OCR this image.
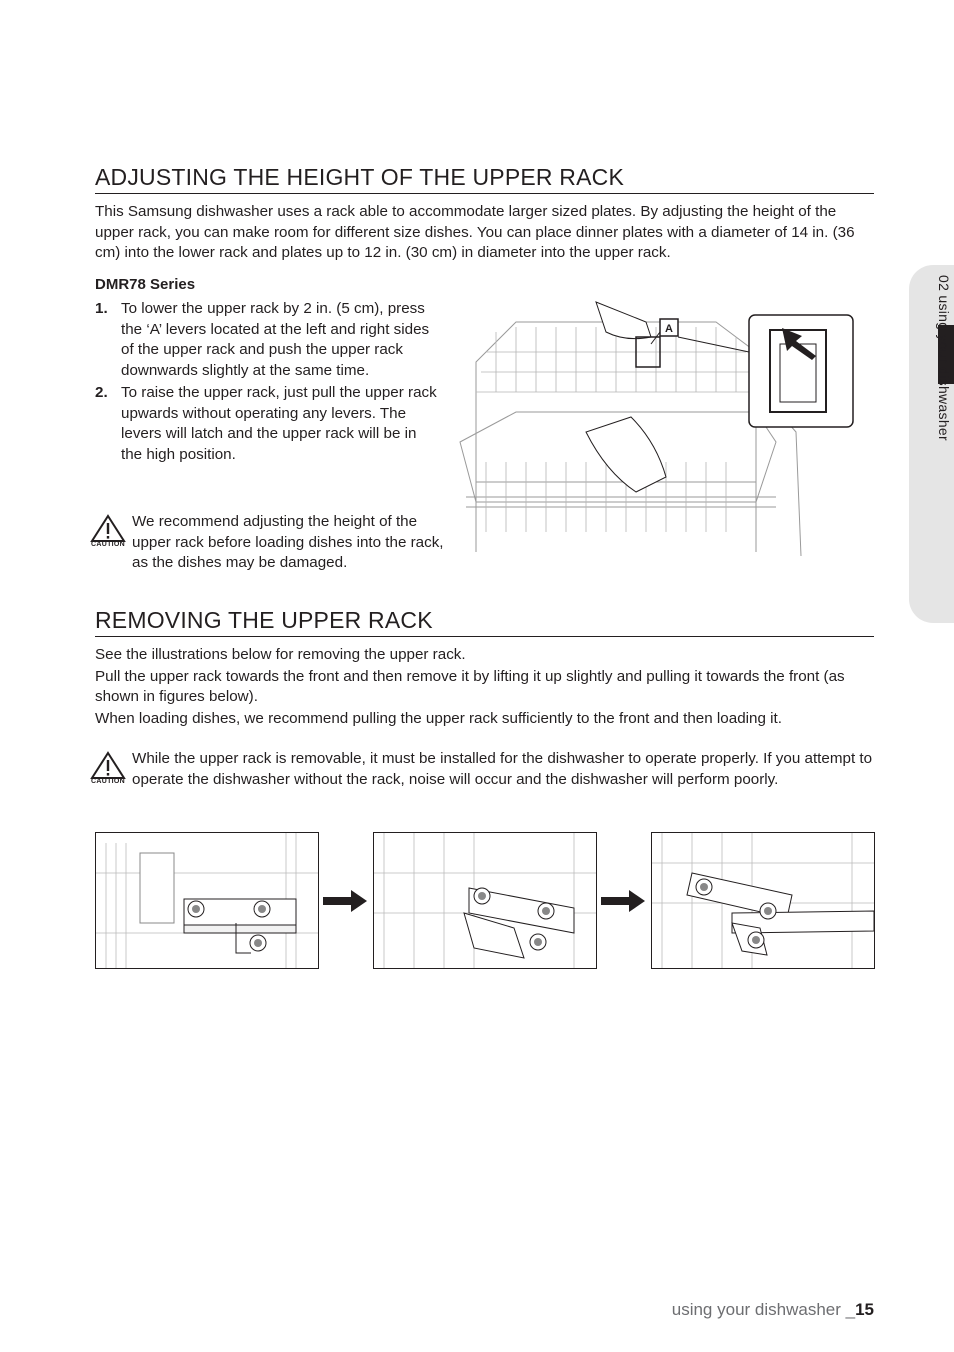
02 using your dishwasher
ADJUSTING THE HEIGHT OF THE UPPER RACK

This Samsung dishwasher uses a rack able to accommodate larger sized plates. By adjusting the height of the upper rack, you can make room for different size dishes. You can place dinner plates with a diameter of 14 in. (36 cm) into the lower rack and plates up to 12 in. (30 cm) in diameter into the upper rack.

DMR78 Series

1. To lower the upper rack by 2 in. (5 cm), press the ‘A’ levers located at the left and right sides of the upper rack and push the upper rack downwards slightly at the same time.
2. To raise the upper rack, just pull the upper rack upwards without operating any levers. The levers will latch and the upper rack will be in the high position.
CAUTION

We recommend adjusting the height of the upper rack before loading dishes into the rack, as the dishes may be damaged.

A
REMOVING THE UPPER RACK

See the illustrations below for removing the upper rack.

Pull the upper rack towards the front and then remove it by lifting it up slightly and pulling it towards the front (as shown in figures below).

When loading dishes, we recommend pulling the upper rack sufficiently to the front and then loading it.

CAUTION

While the upper rack is removable, it must be installed for the dishwasher to operate properly. If you attempt to operate the dishwasher without the rack, noise will occur and the dishwasher will perform poorly.

using your dishwasher _15
